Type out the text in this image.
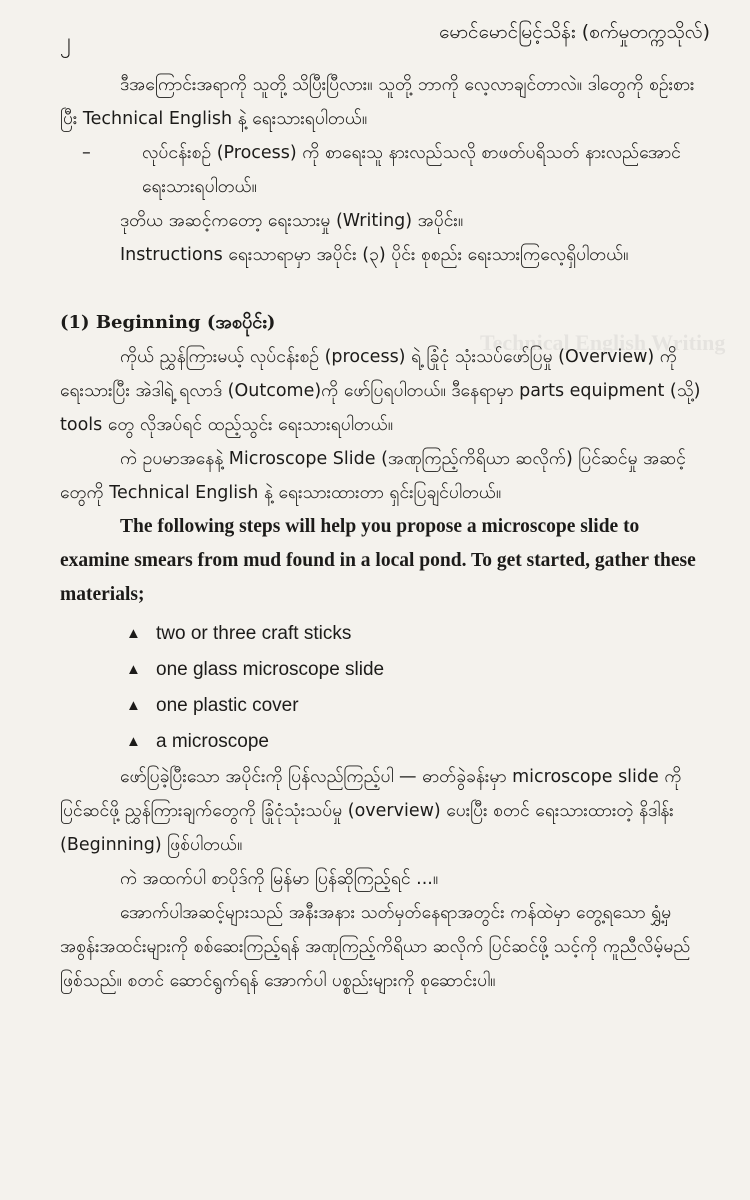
၂	မောင်မောင်မြင့်သိန်း (စက်မှုတက္ကသိုလ်)
Technical English Writing

ဒီအကြောင်းအရာကို သူတို့ သိပြီးပြီလား။ သူတို့ ဘာကို လေ့လာချင်တာလဲ။ ဒါတွေကို စဉ်းစားပြီး Technical English နဲ့ ရေးသားရပါတယ်။

–	လုပ်ငန်းစဉ် (Process) ကို စာရေးသူ နားလည်သလို စာဖတ်ပရိသတ် နားလည်အောင် ရေးသားရပါတယ်။

ဒုတိယ အဆင့်ကတော့ ရေးသားမှု (Writing) အပိုင်း။

Instructions ရေးသာရာမှာ အပိုင်း (၃) ပိုင်း စုစည်း ရေးသားကြလေ့ရှိပါတယ်။

(1) Beginning (အစပိုင်း)

ကိုယ် ညွှန်ကြားမယ့် လုပ်ငန်းစဉ် (process) ရဲ့ ခြုံငုံ သုံးသပ်ဖော်ပြမှု (Overview) ကို ရေးသားပြီး အဲဒါရဲ့ ရလာဒ် (Outcome)ကို ဖော်ပြရပါတယ်။ ဒီနေရာမှာ parts equipment (သို့) tools တွေ လိုအပ်ရင် ထည့်သွင်း ရေးသားရပါတယ်။

ကဲ ဥပမာအနေနဲ့ Microscope Slide (အဏုကြည့်ကိရိယာ ဆလိုက်) ပြင်ဆင်မှု အဆင့်တွေကို Technical English နဲ့ ရေးသားထားတာ ရှင်းပြချင်ပါတယ်။

The following steps will help you propose a microscope slide to examine smears from mud found in a local pond. To get started, gather these materials;

▲ two or three craft sticks
▲ one glass microscope slide
▲ one plastic cover
▲ a microscope

ဖော်ပြခဲ့ပြီးသော အပိုင်းကို ပြန်လည်ကြည့်ပါ — ဓာတ်ခွဲခန်းမှာ microscope slide ကို ပြင်ဆင်ဖို့ ညွှန်ကြားချက်တွေကို ခြုံငုံသုံးသပ်မှု (overview) ပေးပြီး စတင် ရေးသားထားတဲ့ နိဒါန်း (Beginning) ဖြစ်ပါတယ်။

ကဲ အထက်ပါ စာပိုဒ်ကို မြန်မာ ပြန်ဆိုကြည့်ရင် ...။

အောက်ပါအဆင့်များသည် အနီးအနား သတ်မှတ်နေရာအတွင်း ကန်ထဲမှာ တွေ့ရသော ရွှံ့မှ အစွန်းအထင်းများကို စစ်ဆေးကြည့်ရန် အဏုကြည့်ကိရိယာ ဆလိုက် ပြင်ဆင်ဖို့ သင့်ကို ကူညီလိမ့်မည် ဖြစ်သည်။ စတင် ဆောင်ရွက်ရန် အောက်ပါ ပစ္စည်းများကို စုဆောင်းပါ။
